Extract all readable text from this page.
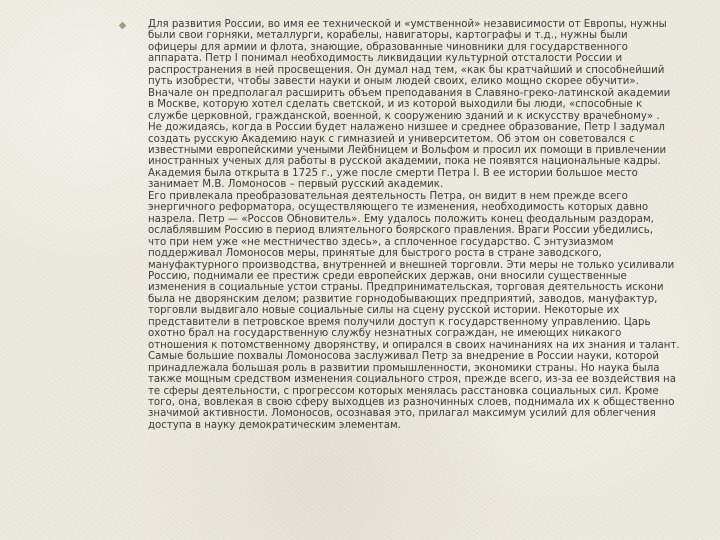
Для развития России, во имя ее технической и «умственной» независимости от Европы, нужны
были свои горняки, металлурги, корабелы, навигаторы, картографы и т.д., нужны были
офицеры для армии и флота, знающие, образованные чиновники для государственного
аппарата. Петр I понимал необходимость ликвидации культурной отсталости России и
распространения в ней просвещения. Он думал над тем, «как бы кратчайший и способнейший
путь изобрести, чтобы завести науки и оным людей своих, елико мощно скорее обучити».
Вначале он предполагал расширить объем преподавания в Славяно-греко-латинской академии
в Москве, которую хотел сделать светской, и из которой выходили бы люди, «способные к
службе церковной, гражданской, военной, к сооружению зданий и к искусству врачебному» .
Не дожидаясь, когда в России будет налажено низшее и среднее образование, Петр I задумал
создать русскую Академию наук с гимназией и университетом. Об этом он советовался с
известными европейскими учеными Лейбницем и Вольфом и просил их помощи в привлечении
иностранных ученых для работы в русской академии, пока не появятся национальные кадры.
Академия была открыта в 1725 г., уже после смерти Петра I. В ее истории большое место
занимает М.В. Ломоносов – первый русский академик.
Его привлекала преобразовательная деятельность Петра, он видит в нем прежде всего
энергичного реформатора, осуществляющего те изменения, необходимость которых давно
назрела. Петр — «Россов Обновитель». Ему удалось положить конец феодальным раздорам,
ослаблявшим Россию в период влиятельного боярского правления. Враги России убедились,
что при нем уже «не местничество здесь», а сплоченное государство. С энтузиазмом
поддерживал Ломоносов меры, принятые для быстрого роста в стране заводского,
мануфактурного производства, внутренней и внешней торговли. Эти меры не только усиливали
Россию, поднимали ее престиж среди европейских держав, они вносили существенные
изменения в социальные устои страны. Предпринимательская, торговая деятельность искони
была не дворянским делом; развитие горнодобывающих предприятий, заводов, мануфактур,
торговли выдвигало новые социальные силы на сцену русской истории. Некоторые их
представители в петровское время получили доступ к государственному управлению. Царь
охотно брал на государственную службу незнатных сограждан, не имеющих никакого
отношения к потомственному дворянству, и опирался в своих начинаниях на их знания и талант.
Самые большие похвалы Ломоносова заслуживал Петр за внедрение в России науки, которой
принадлежала большая роль в развитии промышленности, экономики страны. Но наука была
также мощным средством изменения социального строя, прежде всего, из-за ее воздействия на
те сферы деятельности, с прогрессом которых менялась расстановка социальных сил. Кроме
того, она, вовлекая в свою сферу выходцев из разночинных слоев, поднимала их к общественно
значимой активности. Ломоносов, осознавая это, прилагал максимум усилий для облегчения
доступа в науку демократическим элементам.
